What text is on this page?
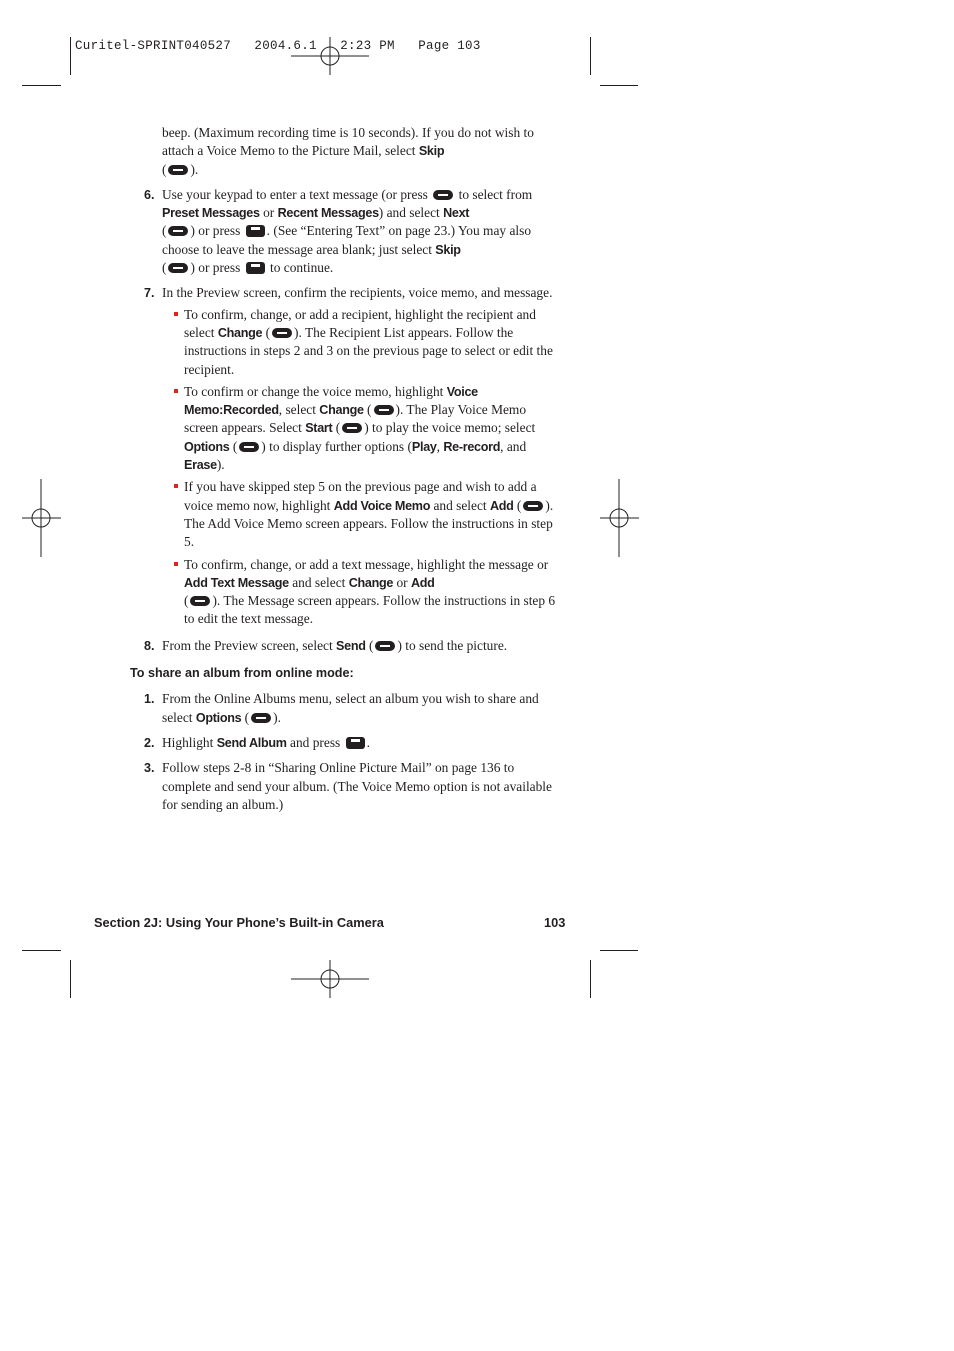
Curitel-SPRINT040527   2004.6.1   2:23 PM   Page 103

beep. (Maximum recording time is 10 seconds). If you do not wish to attach a Voice Memo to the Picture Mail, select Skip
( ).

6. Use your keypad to enter a text message (or press to select from Preset Messages or Recent Messages) and select Next
( ) or press . (See “Entering Text” on page 23.) You may also choose to leave the message area blank; just select Skip
( ) or press to continue.

7. In the Preview screen, confirm the recipients, voice memo, and message.

To confirm, change, or add a recipient, highlight the recipient and select Change ( ). The Recipient List appears. Follow the instructions in steps 2 and 3 on the previous page to select or edit the recipient.
To confirm or change the voice memo, highlight Voice Memo:Recorded, select Change ( ). The Play Voice Memo screen appears. Select Start ( ) to play the voice memo; select Options ( ) to display further options (Play, Re-record, and Erase).
If you have skipped step 5 on the previous page and wish to add a voice memo now, highlight Add Voice Memo and select Add ( ). The Add Voice Memo screen appears. Follow the instructions in step 5.
To confirm, change, or add a text message, highlight the message or Add Text Message and select Change or Add
( ). The Message screen appears. Follow the instructions in step 6 to edit the text message.

8. From the Preview screen, select Send ( ) to send the picture.

To share an album from online mode:

1. From the Online Albums menu, select an album you wish to share and select Options ( ).

2. Highlight Send Album and press .

3. Follow steps 2-8 in “Sharing Online Picture Mail” on page 136 to complete and send your album. (The Voice Memo option is not available for sending an album.)

Section 2J: Using Your Phone’s Built-in Camera	103
